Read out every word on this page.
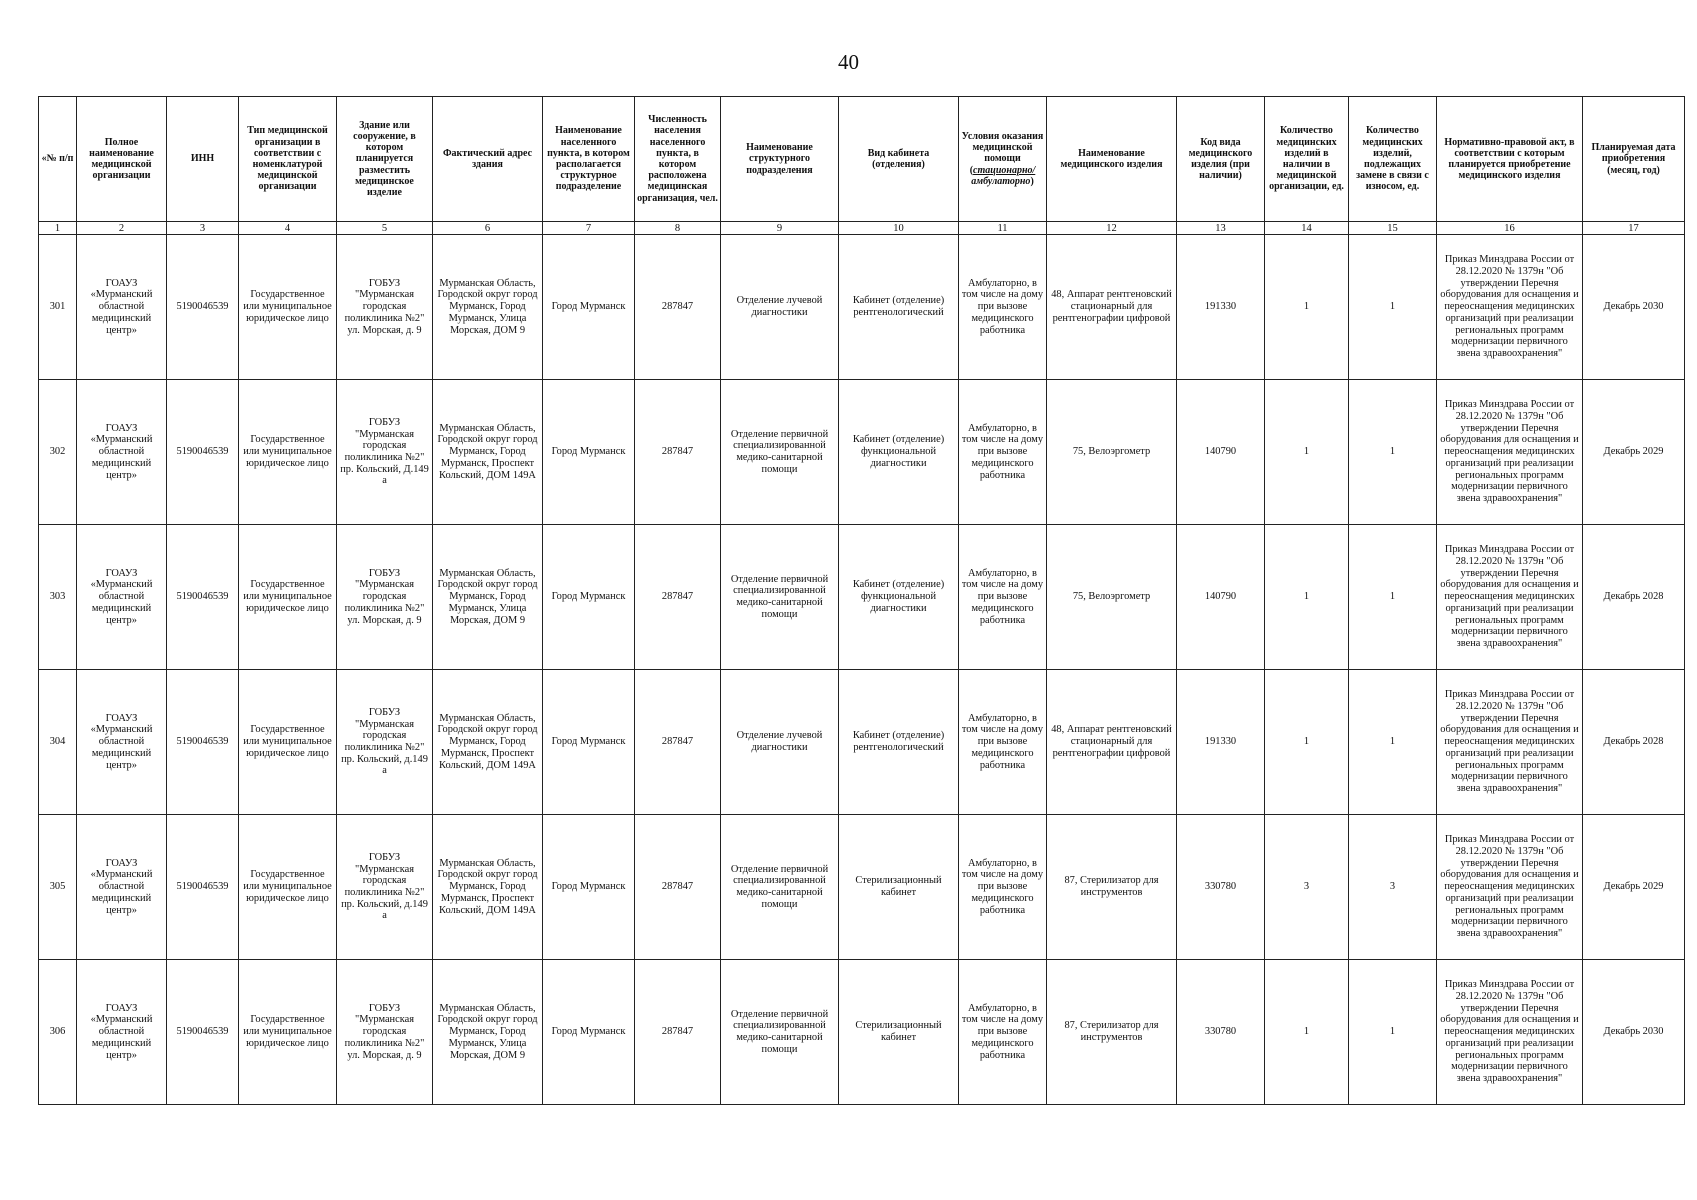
40
«№ п/п	Полное наименование медицинской организации	ИНН	Тип медицинской организации в соответствии с номенклатурой медицинской организации	Здание или сооружение, в котором планируется разместить медицинское изделие	Фактический адрес здания	Наименование населенного пункта, в котором располагается структурное подразделение	Численность населения населенного пункта, в котором расположена медицинская организация, чел.	Наименование структурного подразделения	Вид кабинета (отделения)	Условия оказания медицинской помощи (стационарно/ амбулаторно)	Наименование медицинского изделия	Код вида медицинского изделия (при наличии)	Количество медицинских изделий в наличии в медицинской организации, ед.	Количество медицинских изделий, подлежащих замене в связи с износом, ед.	Нормативно-правовой акт, в соответствии с которым планируется приобретение медицинского изделия	Планируемая дата приобретения (месяц, год)
1	2	3	4	5	6	7	8	9	10	11	12	13	14	15	16	17
301	ГОАУЗ «Мурманский областной медицинский центр»	5190046539	Государственное или муниципальное юридическое лицо	ГОБУЗ "Мурманская городская поликлиника №2" ул. Морская, д. 9	Мурманская Область, Городской округ город Мурманск, Город Мурманск, Улица Морская, ДОМ 9	Город Мурманск	287847	Отделение лучевой диагностики	Кабинет (отделение) рентгенологический	Амбулаторно, в том числе на дому при вызове медицинского работника	48, Аппарат рентгеновский стационарный для рентгенографии цифровой	191330	1	1	Приказ Минздрава России от 28.12.2020 № 1379н "Об утверждении Перечня оборудования для оснащения и переоснащения медицинских организаций при реализации региональных программ модернизации первичного звена здравоохранения"	Декабрь 2030
302	ГОАУЗ «Мурманский областной медицинский центр»	5190046539	Государственное или муниципальное юридическое лицо	ГОБУЗ "Мурманская городская поликлиника №2" пр. Кольский, Д.149 а	Мурманская Область, Городской округ город Мурманск, Город Мурманск, Проспект Кольский, ДОМ 149А	Город Мурманск	287847	Отделение первичной специализированной медико-санитарной помощи	Кабинет (отделение) функциональной диагностики	Амбулаторно, в том числе на дому при вызове медицинского работника	75, Велоэргометр	140790	1	1	Приказ Минздрава России от 28.12.2020 № 1379н "Об утверждении Перечня оборудования для оснащения и переоснащения медицинских организаций при реализации региональных программ модернизации первичного звена здравоохранения"	Декабрь 2029
303	ГОАУЗ «Мурманский областной медицинский центр»	5190046539	Государственное или муниципальное юридическое лицо	ГОБУЗ "Мурманская городская поликлиника №2" ул. Морская, д. 9	Мурманская Область, Городской округ город Мурманск, Город Мурманск, Улица Морская, ДОМ 9	Город Мурманск	287847	Отделение первичной специализированной медико-санитарной помощи	Кабинет (отделение) функциональной диагностики	Амбулаторно, в том числе на дому при вызове медицинского работника	75, Велоэргометр	140790	1	1	Приказ Минздрава России от 28.12.2020 № 1379н "Об утверждении Перечня оборудования для оснащения и переоснащения медицинских организаций при реализации региональных программ модернизации первичного звена здравоохранения"	Декабрь 2028
304	ГОАУЗ «Мурманский областной медицинский центр»	5190046539	Государственное или муниципальное юридическое лицо	ГОБУЗ "Мурманская городская поликлиника №2" пр. Кольский, д.149 а	Мурманская Область, Городской округ город Мурманск, Город Мурманск, Проспект Кольский, ДОМ 149А	Город Мурманск	287847	Отделение лучевой диагностики	Кабинет (отделение) рентгенологический	Амбулаторно, в том числе на дому при вызове медицинского работника	48, Аппарат рентгеновский стационарный для рентгенографии цифровой	191330	1	1	Приказ Минздрава России от 28.12.2020 № 1379н "Об утверждении Перечня оборудования для оснащения и переоснащения медицинских организаций при реализации региональных программ модернизации первичного звена здравоохранения"	Декабрь 2028
305	ГОАУЗ «Мурманский областной медицинский центр»	5190046539	Государственное или муниципальное юридическое лицо	ГОБУЗ "Мурманская городская поликлиника №2" пр. Кольский, д.149 а	Мурманская Область, Городской округ город Мурманск, Город Мурманск, Проспект Кольский, ДОМ 149А	Город Мурманск	287847	Отделение первичной специализированной медико-санитарной помощи	Стерилизационный кабинет	Амбулаторно, в том числе на дому при вызове медицинского работника	87, Стерилизатор для инструментов	330780	3	3	Приказ Минздрава России от 28.12.2020 № 1379н "Об утверждении Перечня оборудования для оснащения и переоснащения медицинских организаций при реализации региональных программ модернизации первичного звена здравоохранения"	Декабрь 2029
306	ГОАУЗ «Мурманский областной медицинский центр»	5190046539	Государственное или муниципальное юридическое лицо	ГОБУЗ "Мурманская городская поликлиника №2" ул. Морская, д. 9	Мурманская Область, Городской округ город Мурманск, Город Мурманск, Улица Морская, ДОМ 9	Город Мурманск	287847	Отделение первичной специализированной медико-санитарной помощи	Стерилизационный кабинет	Амбулаторно, в том числе на дому при вызове медицинского работника	87, Стерилизатор для инструментов	330780	1	1	Приказ Минздрава России от 28.12.2020 № 1379н "Об утверждении Перечня оборудования для оснащения и переоснащения медицинских организаций при реализации региональных программ модернизации первичного звена здравоохранения"	Декабрь 2030
